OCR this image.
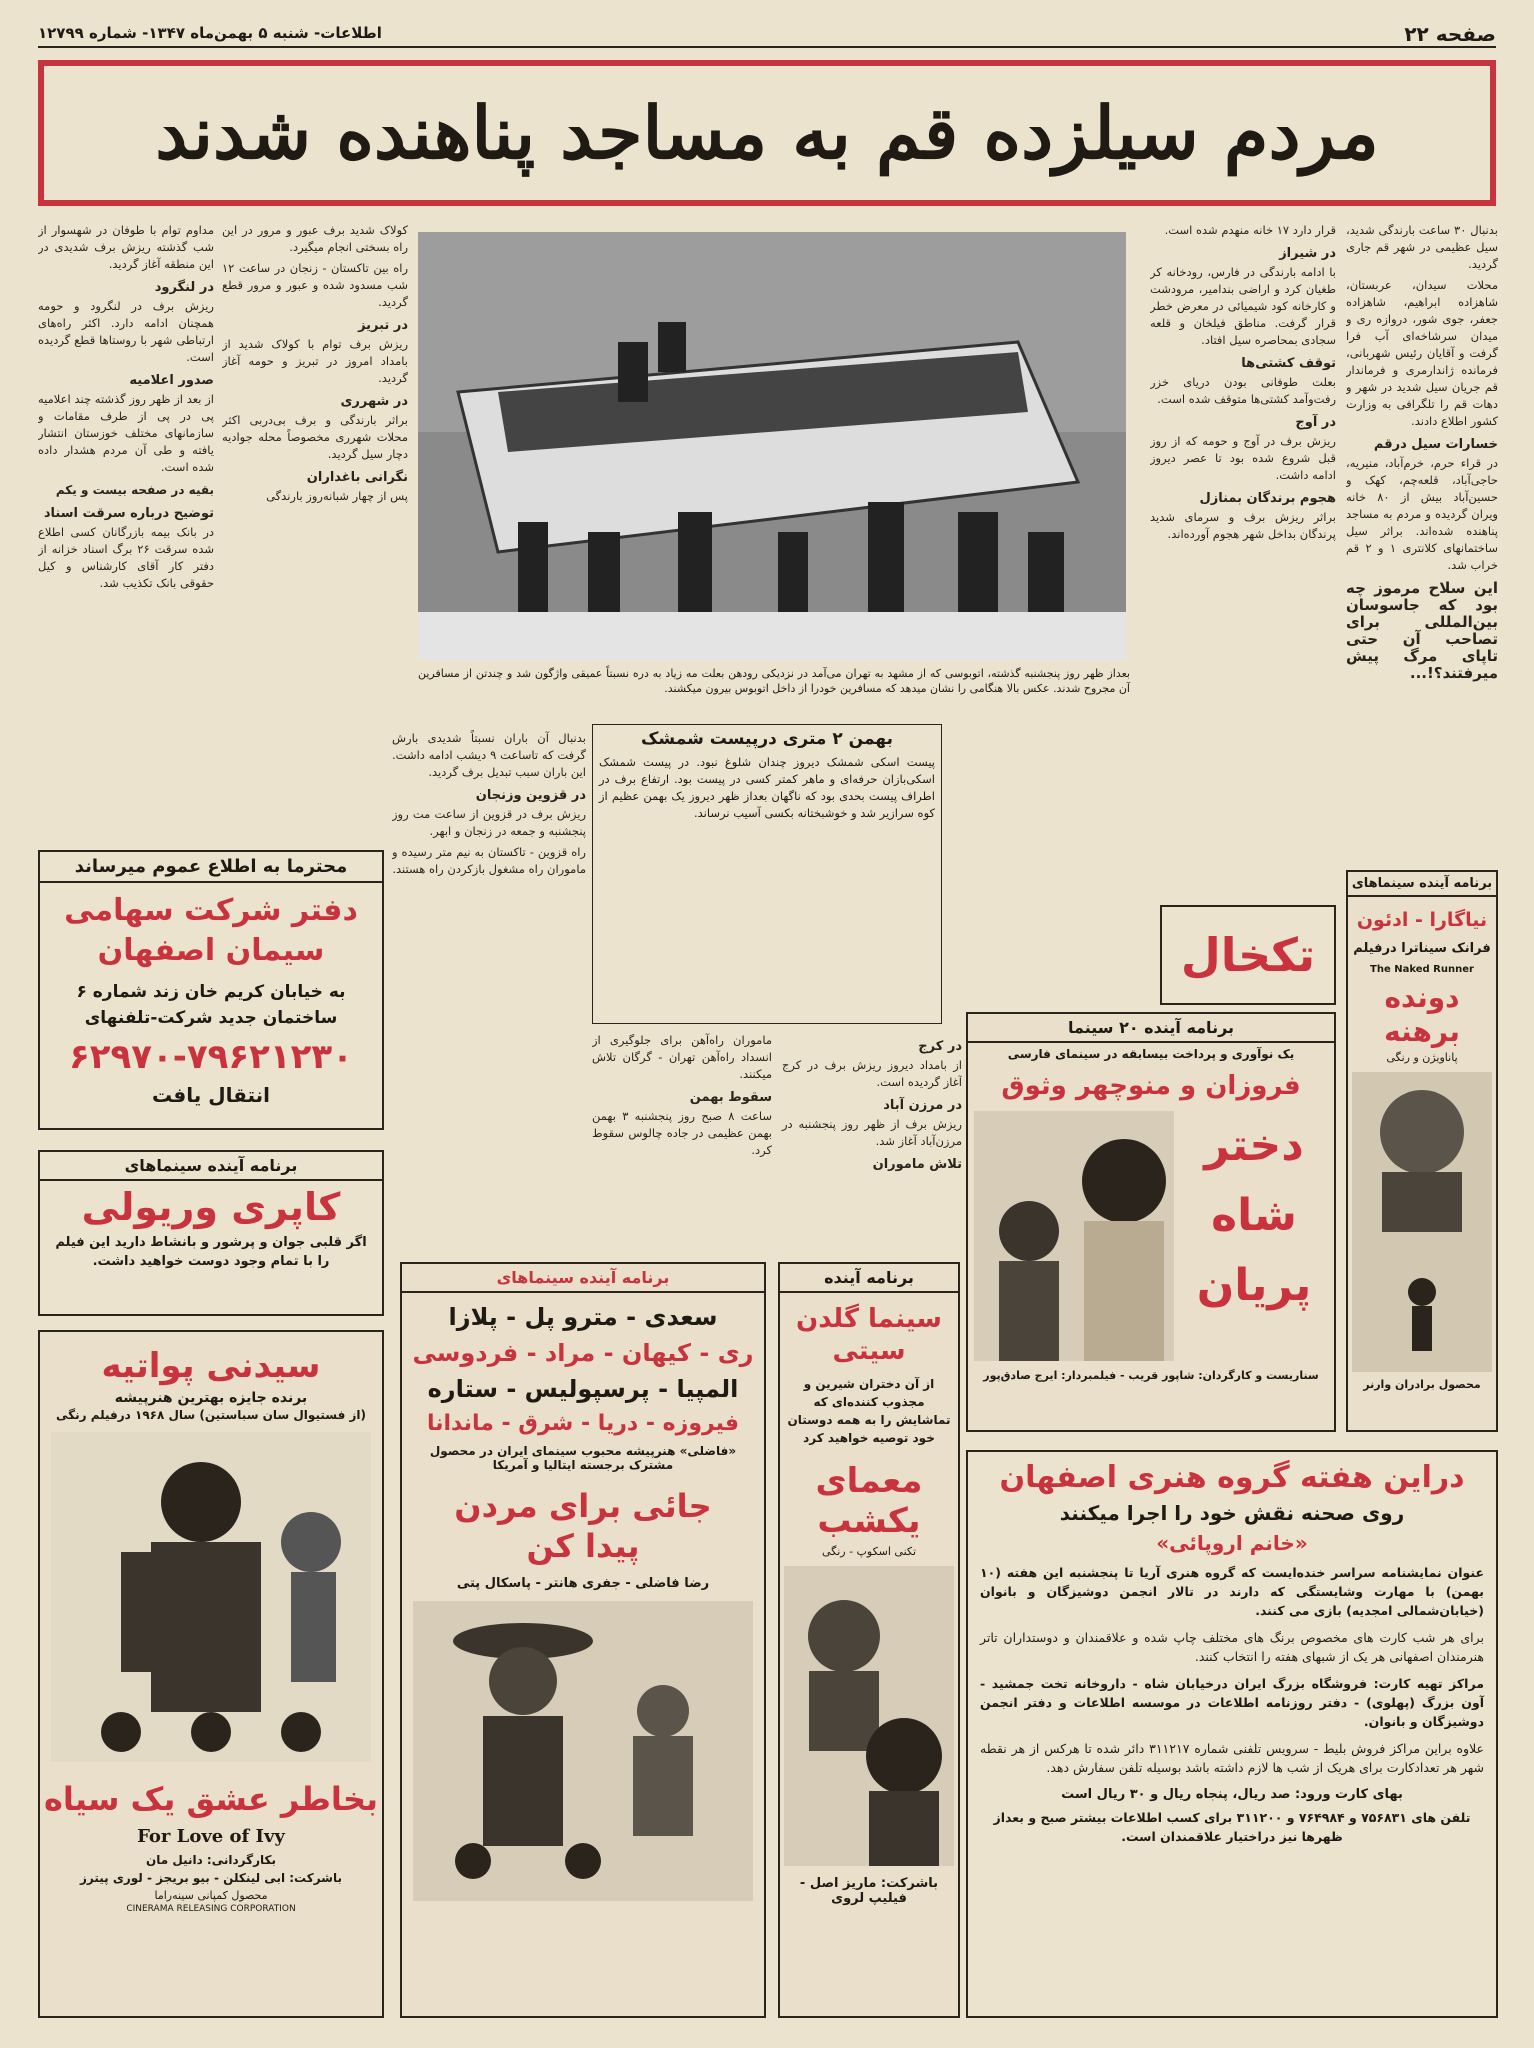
صفحه ۲۲
اطلاعات- شنبه ۵ بهمن‌ماه ۱۳۴۷- شماره ۱۲۷۹۹
مردم سیلزده قم به مساجد پناهنده شدند

بدنبال ۳۰ ساعت بارندگی شدید، سیل عظیمی در شهر قم جاری گردید.

محلات سیدان، عربستان، شاهزاده ابراهیم، شاهزاده جعفر، جوی شور، دروازه ری و میدان سرشاخه‌ای آب فرا گرفت و آقایان رئیس شهربانی، فرمانده ژاندارمری و فرماندار قم جریان سیل شدید در شهر و دهات قم را تلگرافی به وزارت کشور اطلاع دادند.

خسارات سیل درقم

در قراء حرم، خرم‌آباد، منیریه، حاجی‌آباد، قلعه‌چم، کهک و حسین‌آباد بیش از ۸۰ خانه ویران گردیده و مردم به مساجد پناهنده شده‌اند. براثر سیل ساختمانهای کلانتری ۱ و ۲ قم خراب شد.

این سلاح مرموز چه بود که جاسوسان بین‌المللی برای تصاحب آن حتی تاپای مرگ پیش میرفتند؟!...

قرار دارد ۱۷ خانه منهدم شده است.

در شیراز

با ادامه بارندگی در فارس، رودخانه کر طغیان کرد و اراضی بندامیر، مرودشت و کارخانه کود شیمیائی در معرض خطر قرار گرفت. مناطق فیلخان و قلعه سجادی بمحاصره سیل افتاد.

توقف کشتی‌ها

بعلت طوفانی بودن دریای خزر رفت‌وآمد کشتی‌ها متوقف شده است.

در آوج

ریزش برف در آوج و حومه که از روز قبل شروع شده بود تا عصر دیروز ادامه داشت.

هجوم برندگان بمنازل

براثر ریزش برف و سرمای شدید پرندگان بداخل شهر هجوم آورده‌اند.

بعداز ظهر روز پنجشنبه گذشته، اتوبوسی که از مشهد به تهران می‌آمد در نزدیکی رودهن بعلت مه زیاد به دره نسبتاً عمیقی واژگون شد و چندتن از مسافرین آن مجروح شدند. عکس بالا هنگامی را نشان میدهد که مسافرین خودرا از داخل اتوبوس بیرون میکشند.

کولاک شدید برف عبور و مرور در این راه بسختی انجام میگیرد.

راه بین تاکستان - زنجان در ساعت ۱۲ شب مسدود شده و عبور و مرور قطع گردید.

در تبریز

ریزش برف توام با کولاک شدید از بامداد امروز در تبریز و حومه آغاز گردید.

در شهرری

براثر بارندگی و برف بی‌دربی اکثر محلات شهرری مخصوصاً محله جوادیه دچار سیل گردید.

نگرانی باغداران

پس از چهار شبانه‌روز بارندگی

مداوم توام با طوفان در شهسوار از شب گذشته ریزش برف شدیدی در این منطقه آغاز گردید.

در لنگرود

ریزش برف در لنگرود و حومه همچنان ادامه دارد. اکثر راه‌های ارتباطی شهر با روستاها قطع گردیده است.

صدور اعلامیه

از بعد از ظهر روز گذشته چند اعلامیه پی در پی از طرف مقامات و سازمانهای مختلف خوزستان انتشار یافته و طی آن مردم هشدار داده شده است.

بقیه در صفحه بیست و یکم
توضیح درباره سرقت اسناد

در بانک بیمه بازرگانان کسی اطلاع شده سرقت ۲۶ برگ اسناد خزانه از دفتر کار آقای کارشناس و کیل حقوقی بانک تکذیب شد.

بهمن ۲ متری درپیست شمشک
پیست اسکی شمشک دیروز چندان شلوغ نبود. در پیست شمشک اسکی‌بازان حرفه‌ای و ماهر کمتر کسی در پیست بود. ارتفاع برف در اطراف پیست بحدی بود که ناگهان بعداز ظهر دیروز یک بهمن عظیم از کوه سرازیر شد و خوشبختانه بکسی آسیب نرساند.

بدنبال آن باران نسبتاً شدیدی بارش گرفت که تاساعت ۹ دیشب ادامه داشت. این باران سبب تبدیل برف گردید.

در قزوین وزنجان

ریزش برف در قزوین از ساعت مت روز پنجشنبه و جمعه در زنجان و ابهر.

راه قزوین - تاکستان به نیم متر رسیده و ماموران راه مشغول بازکردن راه هستند.

در کرج

از بامداد دیروز ریزش برف در کرج آغاز گردیده است.

در مرزن آباد

ریزش برف از ظهر روز پنجشنبه در مرزن‌آباد آغاز شد.

تلاش ماموران

ماموران راه‌آهن برای جلوگیری از انسداد راه‌آهن تهران - گرگان تلاش میکنند.

سقوط بهمن

ساعت ۸ صبح روز پنجشنبه ۳ بهمن بهمن عظیمی در جاده چالوس سقوط کرد.

محترما به اطلاع عموم میرساند
دفتر شرکت سهامی سیمان اصفهان
به خیابان کریم خان زند شماره ۶ ساختمان جدید شرکت-تلفنهای
۶۲۹۷۰-۷۹۶۲۱۲۳۰
انتقال یافت
برنامه آینده سینماهای
کاپری وریولی
اگر قلبی جوان و پرشور و بانشاط دارید این فیلم را با تمام وجود دوست خواهید داشت.
سیدنی پواتیه
برنده جایزه بهترین هنرپیشه
(از فستیوال سان سباستین) سال ۱۹۶۸ درفیلم رنگی
بخاطر عشق یک سیاه
For Love of Ivy
بکارگردانی: دانیل مان
باشرکت: ابی لینکلن - بیو بریجز - لوری پیترز
محصول کمپانی سینه‌راما
CINERAMA RELEASING CORPORATION
تکخال
برنامه آینده ۲۰ سینما
یک نوآوری و پرداخت بیسابقه در سینمای فارسی
فروزان و منوچهر وثوق
دختر شاه پریان
سناریست و کارگردان: شاپور قریب - فیلمبردار: ایرج صادق‌پور
برنامه آینده سینماهای
نیاگارا - ادئون
فرانک سیناترا درفیلم
The Naked Runner
دونده برهنه
پاناویژن و رنگی
محصول برادران وارنر
برنامه آینده سینماهای
سعدی - مترو پل - پلازا
ری - کیهان - مراد - فردوسی
المپیا - پرسپولیس - ستاره
فیروزه - دریا - شرق - ماندانا
«فاضلی» هنرپیشه محبوب سینمای ایران در محصول مشترک برجسته ایتالیا و آمریکا
جائی برای مردن پیدا کن
رضا فاضلی - جفری هانتر - پاسکال پتی
برنامه آینده
سینما گلدن سیتی
از آن دختران شیرین و مجذوب کننده‌ای که تماشایش را به همه دوستان خود توصیه خواهید کرد
معمای یکشب
تکنی اسکوپ - رنگی
باشرکت: ماریز اصل - فیلیپ لروی
دراین هفته گروه هنری اصفهان
روی صحنه نقش خود را اجرا میکنند
«خانم اروپائی»
عنوان نمایشنامه سراسر خنده‌ایست که گروه هنری آریا تا پنجشنبه این هفته (۱۰ بهمن) با مهارت وشایستگی که دارند در تالار انجمن دوشیزگان و بانوان (خیابان‌شمالی امجدیه) بازی می کنند.
برای هر شب کارت های مخصوص برنگ های مختلف چاپ شده و علاقمندان و دوستداران تاتر هنرمندان اصفهانی هر یک از شبهای هفته را انتخاب کنند.
مراکز تهیه کارت: فروشگاه بزرگ ایران درخیابان شاه - داروخانه تخت جمشید - آون بزرگ (پهلوی) - دفتر روزنامه اطلاعات در موسسه اطلاعات و دفتر انجمن دوشیزگان و بانوان.
علاوه براین مراکز فروش بلیط - سرویس تلفنی شماره ۳۱۱۲۱۷ دائر شده تا هرکس از هر نقطه شهر هر تعدادکارت برای هریک از شب ها لازم داشته باشد بوسیله تلفن سفارش دهد.
بهای کارت ورود: صد ریال، پنجاه ریال و ۳۰ ریال است
تلفن های ۷۵۶۸۳۱ و ۷۶۴۹۸۴ و ۳۱۱۲۰۰ برای کسب اطلاعات بیشتر صبح و بعداز ظهرها نیز دراختیار علاقمندان است.
